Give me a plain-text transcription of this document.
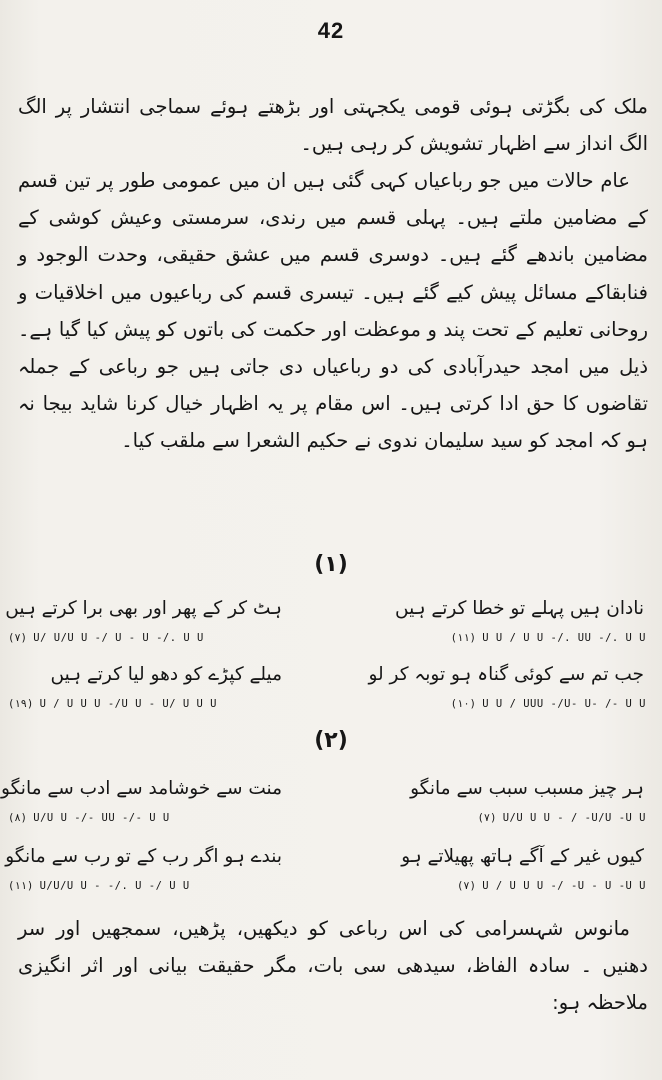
42

ملک کی بگڑتی ہوئی قومی یکجہتی اور بڑھتے ہوئے سماجی انتشار پر الگ الگ انداز سے اظہار تشویش کر رہی ہیں۔

عام حالات میں جو رباعیاں کہی گئی ہیں ان میں عمومی طور پر تین قسم کے مضامین ملتے ہیں۔ پہلی قسم میں رندی، سرمستی وعیش کوشی کے مضامین باندھے گئے ہیں۔ دوسری قسم میں عشق حقیقی، وحدت الوجود و فنابقاکے مسائل پیش کیے گئے ہیں۔ تیسری قسم کی رباعیوں میں اخلاقیات و روحانی تعلیم کے تحت پند و موعظت اور حکمت کی باتوں کو پیش کیا گیا ہے۔ ذیل میں امجد حیدرآبادی کی دو رباعیاں دی جاتی ہیں جو رباعی کے جملہ تقاضوں کا حق ادا کرتی ہیں۔ اس مقام پر یہ اظہار خیال کرنا شاید بیجا نہ ہو کہ امجد کو سید سلیمان ندوی نے حکیم الشعرا سے ملقب کیا۔

(۱)
نادان ہیں پہلے تو خطا کرتے ہیں
ہٹ کر کے پھر اور بھی برا کرتے ہیں
(۱۱) U U / U U -/. UU -/. U U
(۷) U/ U/U U -/ U - U -/. U U
جب تم سے کوئی گناہ ہو توبہ کر لو
میلے کپڑے کو دھو لیا کرتے ہیں
(۱۰) U U / UUU -/U- U- /- U U
(۱۹) U / U U U -/U U - U/ U U U
(۲)
ہر چیز مسبب سبب سے مانگو
منت سے خوشامد سے ادب سے مانگو
(۷) U/U U U - / -U/U -U U
(۸) U/U U -/- UU -/- U U
کیوں غیر کے آگے ہاتھ پھیلاتے ہو
بندے ہو اگر رب کے تو رب سے مانگو
(۷) U / U U U -/ -U - U -U U
(۱۱) U/U/U U - -/. U -/ U U

مانوس شہسرامی کی اس رباعی کو دیکھیں، پڑھیں، سمجھیں اور سر دھنیں ۔ سادہ الفاظ، سیدھی سی بات، مگر حقیقت بیانی اور اثر انگیزی ملاحظہ ہو:
